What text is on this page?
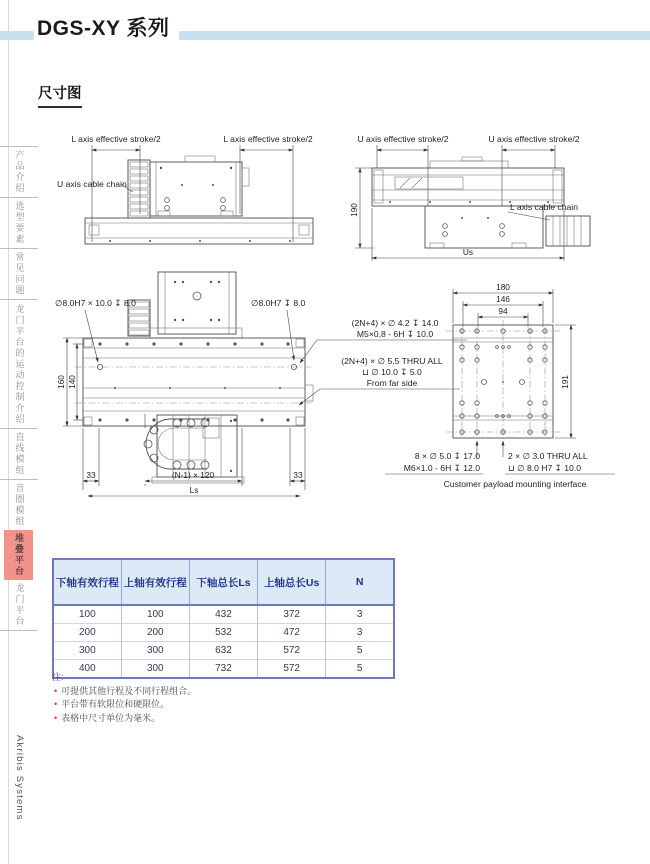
DGS-XY 系列
尺寸图
产品介绍
选型要素
常见问题
龙门平台的运动控制介绍
直线模组
音圈模组
堆叠平台
龙门平台
L axis effective stroke/2	L axis effective stroke/2
U axis cable chain
U axis effective stroke/2	U axis effective stroke/2
190	L axis cable chain
Us
∅8.0H7 × 10.0 ↧ 8.0	∅8.0H7 ↧ 8.0
160 140
33	(N-1) × 120	33
Ls
(2N+4) × ∅ 4.2 ↧ 14.0
M5×0.8 - 6H ↧ 10.0
(2N+4) × ∅ 5.5 THRU ALL
⊔ ∅ 10.0 ↧ 5.0
From far side
180
146
94
191
8 × ∅ 5.0 ↧ 17.0
M6×1.0 - 6H ↧ 12.0
2 × ∅ 3.0 THRU ALL
⊔ ∅ 8.0 H7 ↧ 10.0
Customer payload mounting interface
下轴有效行程	上轴有效行程	下轴总长Ls	上轴总长Us	N
100	100	432	372	3
200	200	532	472	3
300	300	632	572	5
400	300	732	572	5
注:
• 可提供其他行程及不同行程组合。
• 平台带有软限位和硬限位。
• 表格中尺寸单位为毫米。
Akribis Systems
